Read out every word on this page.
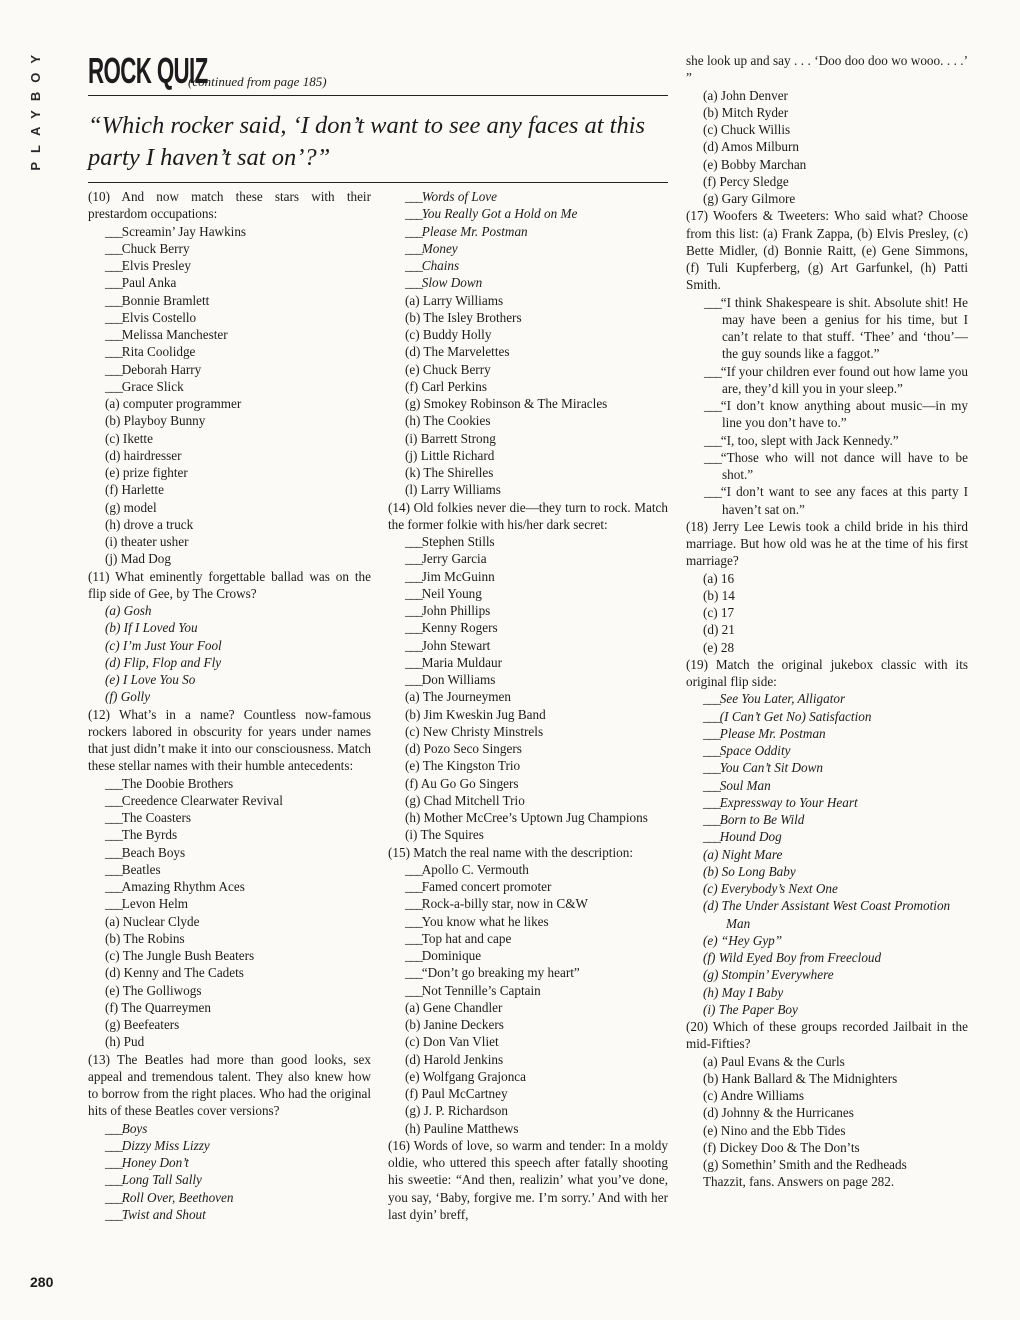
PLAYBOY
280
ROCK QUIZ
(continued from page 185)
“Which rocker said, ‘I don’t want to see any faces at this party I haven’t sat on’?”
(10) And now match these stars with their prestardom occupations:
___ Screamin’ Jay Hawkins
___ Chuck Berry
___ Elvis Presley
___ Paul Anka
___ Bonnie Bramlett
___ Elvis Costello
___ Melissa Manchester
___ Rita Coolidge
___ Deborah Harry
___ Grace Slick
(a) computer programmer
(b) Playboy Bunny
(c) Ikette
(d) hairdresser
(e) prize fighter
(f) Harlette
(g) model
(h) drove a truck
(i) theater usher
(j) Mad Dog
(11) What eminently forgettable ballad was on the flip side of Gee, by The Crows?
(a) Gosh
(b) If I Loved You
(c) I’m Just Your Fool
(d) Flip, Flop and Fly
(e) I Love You So
(f) Golly
(12) What’s in a name? Countless now-famous rockers labored in obscurity for years under names that just didn’t make it into our consciousness. Match these stellar names with their humble antecedents:
___ The Doobie Brothers
___ Creedence Clearwater Revival
___ The Coasters
___ The Byrds
___ Beach Boys
___ Beatles
___ Amazing Rhythm Aces
___ Levon Helm
(a) Nuclear Clyde
(b) The Robins
(c) The Jungle Bush Beaters
(d) Kenny and The Cadets
(e) The Golliwogs
(f) The Quarreymen
(g) Beefeaters
(h) Pud
(13) The Beatles had more than good looks, sex appeal and tremendous talent. They also knew how to borrow from the right places. Who had the original hits of these Beatles cover versions?
___ Boys
___ Dizzy Miss Lizzy
___ Honey Don’t
___ Long Tall Sally
___ Roll Over, Beethoven
___ Twist and Shout
___ Words of Love
___ You Really Got a Hold on Me
___ Please Mr. Postman
___ Money
___ Chains
___ Slow Down
(a) Larry Williams
(b) The Isley Brothers
(c) Buddy Holly
(d) The Marvelettes
(e) Chuck Berry
(f) Carl Perkins
(g) Smokey Robinson & The Miracles
(h) The Cookies
(i) Barrett Strong
(j) Little Richard
(k) The Shirelles
(l) Larry Williams
(14) Old folkies never die—they turn to rock. Match the former folkie with his/her dark secret:
___ Stephen Stills
___ Jerry Garcia
___ Jim McGuinn
___ Neil Young
___ John Phillips
___ Kenny Rogers
___ John Stewart
___ Maria Muldaur
___ Don Williams
(a) The Journeymen
(b) Jim Kweskin Jug Band
(c) New Christy Minstrels
(d) Pozo Seco Singers
(e) The Kingston Trio
(f) Au Go Go Singers
(g) Chad Mitchell Trio
(h) Mother McCree’s Uptown Jug Champions
(i) The Squires
(15) Match the real name with the description:
___ Apollo C. Vermouth
___ Famed concert promoter
___ Rock-a-billy star, now in C&W
___ You know what he likes
___ Top hat and cape
___ Dominique
___ “Don’t go breaking my heart”
___ Not Tennille’s Captain
(a) Gene Chandler
(b) Janine Deckers
(c) Don Van Vliet
(d) Harold Jenkins
(e) Wolfgang Grajonca
(f) Paul McCartney
(g) J. P. Richardson
(h) Pauline Matthews
(16) Words of love, so warm and tender: In a moldy oldie, who uttered this speech after fatally shooting his sweetie: “And then, realizin’ what you’ve done, you say, ‘Baby, forgive me. I’m sorry.’ And with her last dyin’ breff,
she look up and say . . . ‘Doo doo doo wo wooo. . . .’ ”
(a) John Denver
(b) Mitch Ryder
(c) Chuck Willis
(d) Amos Milburn
(e) Bobby Marchan
(f) Percy Sledge
(g) Gary Gilmore
(17) Woofers & Tweeters: Who said what? Choose from this list: (a) Frank Zappa, (b) Elvis Presley, (c) Bette Midler, (d) Bonnie Raitt, (e) Gene Simmons, (f) Tuli Kupferberg, (g) Art Garfunkel, (h) Patti Smith.
___ “I think Shakespeare is shit. Absolute shit! He may have been a genius for his time, but I can’t relate to that stuff. ‘Thee’ and ‘thou’—the guy sounds like a faggot.”
___ “If your children ever found out how lame you are, they’d kill you in your sleep.”
___ “I don’t know anything about music—in my line you don’t have to.”
___ “I, too, slept with Jack Kennedy.”
___ “Those who will not dance will have to be shot.”
___ “I don’t want to see any faces at this party I haven’t sat on.”
(18) Jerry Lee Lewis took a child bride in his third marriage. But how old was he at the time of his first marriage?
(a) 16
(b) 14
(c) 17
(d) 21
(e) 28
(19) Match the original jukebox classic with its original flip side:
___ See You Later, Alligator
___ (I Can’t Get No) Satisfaction
___ Please Mr. Postman
___ Space Oddity
___ You Can’t Sit Down
___ Soul Man
___ Expressway to Your Heart
___ Born to Be Wild
___ Hound Dog
(a) Night Mare
(b) So Long Baby
(c) Everybody’s Next One
(d) The Under Assistant West Coast Promotion Man
(e) “Hey Gyp”
(f) Wild Eyed Boy from Freecloud
(g) Stompin’ Everywhere
(h) May I Baby
(i) The Paper Boy
(20) Which of these groups recorded Jailbait in the mid-Fifties?
(a) Paul Evans & the Curls
(b) Hank Ballard & The Midnighters
(c) Andre Williams
(d) Johnny & the Hurricanes
(e) Nino and the Ebb Tides
(f) Dickey Doo & The Don’ts
(g) Somethin’ Smith and the Redheads
Thazzit, fans. Answers on page 282.
